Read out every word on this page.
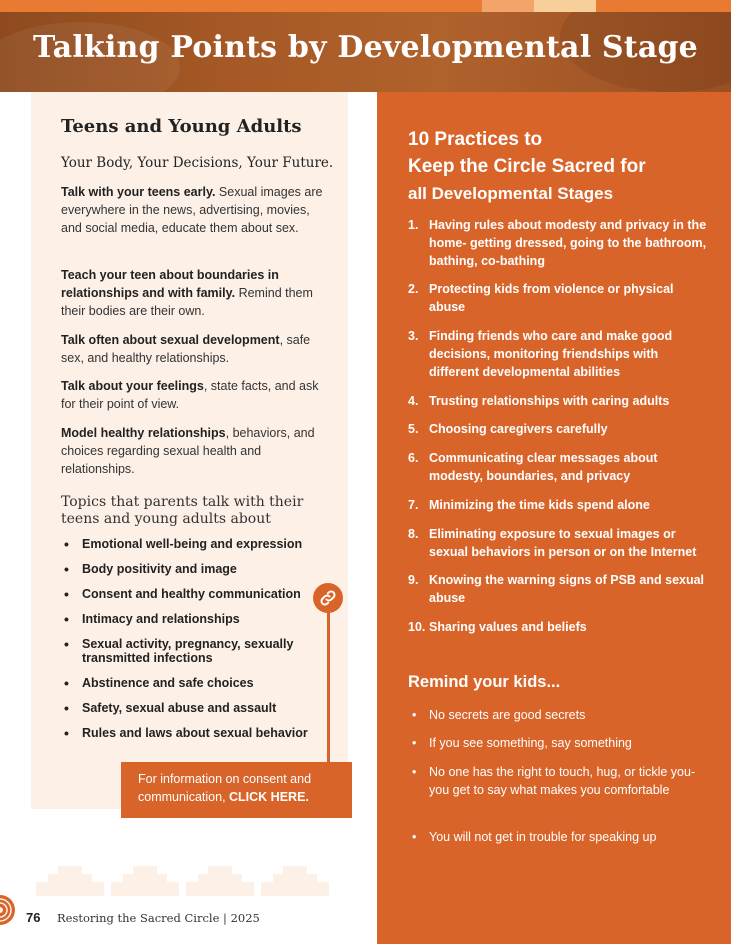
Talking Points by Developmental Stage
Teens and Young Adults
Your Body, Your Decisions, Your Future.
Talk with your teens early. Sexual images are everywhere in the news, advertising, movies, and social media, educate them about sex.
Teach your teen about boundaries in relationships and with family. Remind them their bodies are their own.
Talk often about sexual development, safe sex, and healthy relationships.
Talk about your feelings, state facts, and ask for their point of view.
Model healthy relationships, behaviors, and choices regarding sexual health and relationships.
Topics that parents talk with their teens and young adults about
• Emotional well-being and expression
• Body positivity and image
• Consent and healthy communication
• Intimacy and relationships
• Sexual activity, pregnancy, sexually transmitted infections
• Abstinence and safe choices
• Safety, sexual abuse and assault
• Rules and laws about sexual behavior
For information on consent and communication, CLICK HERE.
76 Restoring the Sacred Circle | 2025
10 Practices to
Keep the Circle Sacred for
all Developmental Stages
1. Having rules about modesty and privacy in the home- getting dressed, going to the bathroom, bathing, co-bathing
2. Protecting kids from violence or physical abuse
3. Finding friends who care and make good decisions, monitoring friendships with different developmental abilities
4. Trusting relationships with caring adults
5. Choosing caregivers carefully
6. Communicating clear messages about modesty, boundaries, and privacy
7. Minimizing the time kids spend alone
8. Eliminating exposure to sexual images or sexual behaviors in person or on the Internet
9. Knowing the warning signs of PSB and sexual abuse
10. Sharing values and beliefs
Remind your kids...
• No secrets are good secrets
• If you see something, say something
• No one has the right to touch, hug, or tickle you- you get to say what makes you comfortable
• You will not get in trouble for speaking up
